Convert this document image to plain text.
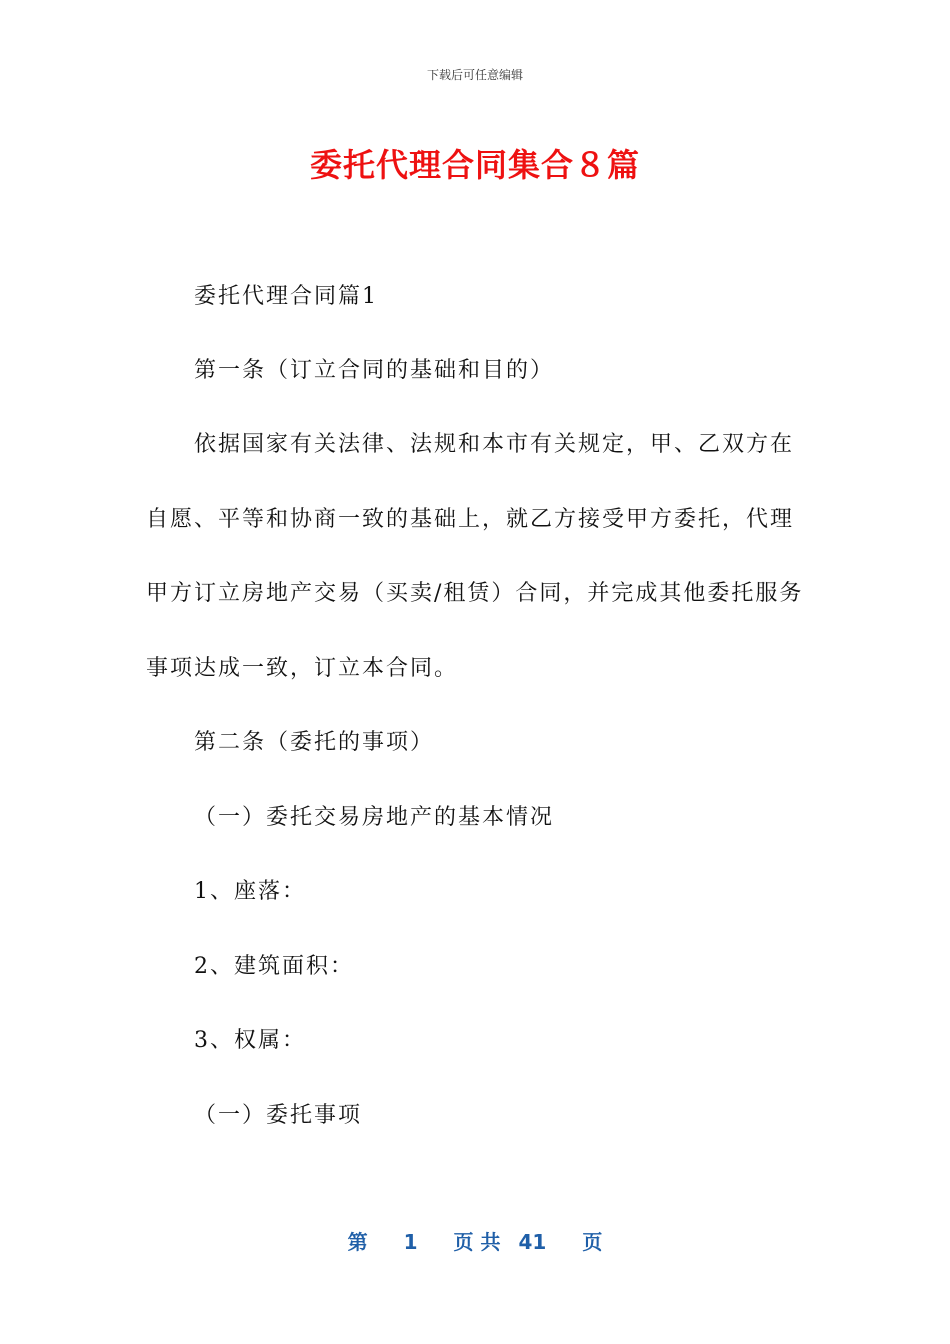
下载后可任意编辑
委托代理合同集合８篇
委托代理合同篇1
第一条（订立合同的基础和目的）
依据国家有关法律、法规和本市有关规定，甲、乙双方在
自愿、平等和协商一致的基础上，就乙方接受甲方委托，代理
甲方订立房地产交易（买卖/租赁）合同，并完成其他委托服务
事项达成一致，订立本合同。
第二条（委托的事项）
（一）委托交易房地产的基本情况
1、座落：
2、建筑面积：
3、权属：
（一）委托事项
第 1 页 共 41 页
